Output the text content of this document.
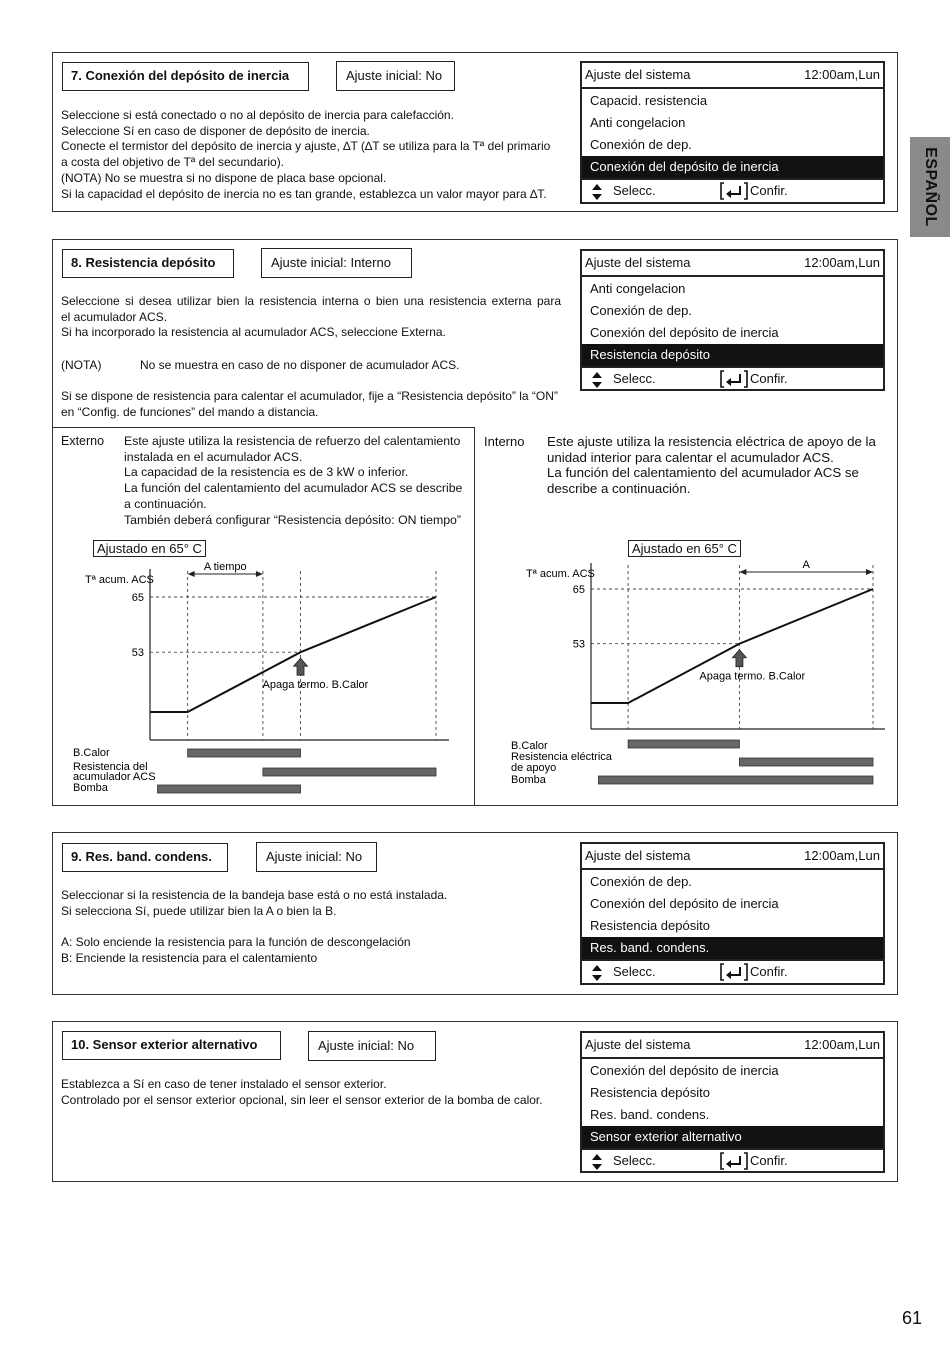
ESPAÑOL
7. Conexión del depósito de inercia	Ajuste inicial: No
Seleccione si está conectado o no al depósito de inercia para calefacción.
Seleccione Sí en caso de disponer de depósito de inercia.
Conecte el termistor del depósito de inercia y ajuste, ∆T (∆T se utiliza para la Tª del primario
a costa del objetivo de Tª del secundario).
(NOTA) No se muestra si no dispone de placa base opcional.
Si la capacidad el depósito de inercia no es tan grande, establezca un valor mayor para ∆T.
Ajuste del sistema	12:00am,Lun
Capacid. resistencia
Anti congelacion
Conexión de dep.
Conexión del depósito de inercia
Selecc.	Confir.
8. Resistencia depósito	Ajuste inicial: Interno
Seleccione si desea utilizar bien la resistencia interna o bien una resistencia externa para
el acumulador ACS.
Si ha incorporado la resistencia al acumulador ACS, seleccione Externa.
(NOTA)	No se muestra en caso de no disponer de acumulador ACS.
Si se dispone de resistencia para calentar el acumulador, fije a “Resistencia depósito” la “ON”
en “Config. de funciones” del mando a distancia.
Ajuste del sistema	12:00am,Lun
Anti congelacion
Conexión de dep.
Conexión del depósito de inercia
Resistencia depósito
Selecc.	Confir.
Externo Este ajuste utiliza la resistencia de refuerzo del calentamiento
instalada en el acumulador ACS.
La capacidad de la resistencia es de 3 kW o inferior.
La función del calentamiento del acumulador ACS se describe
a continuación.
También deberá configurar “Resistencia depósito: ON tiempo”
Interno Este ajuste utiliza la resistencia eléctrica de apoyo de la
unidad interior para calentar el acumulador ACS.
La función del calentamiento del acumulador ACS se
describe a continuación.
Ajustado en 65° C
Tª acum. ACS
65
53
A tiempo
Apaga termo. B.Calor
B.Calor
Resistencia del
acumulador ACS
Bomba
Ajustado en 65° C
Tª acum. ACS
65
53
A
Apaga termo. B.Calor
B.Calor
Resistencia eléctrica
de apoyo
Bomba
9. Res. band. condens.	Ajuste inicial: No
Seleccionar si la resistencia de la bandeja base está o no está instalada.
Si selecciona Sí, puede utilizar bien la A o bien la B.
A: Solo enciende la resistencia para la función de descongelación
B: Enciende la resistencia para el calentamiento
Ajuste del sistema	12:00am,Lun
Conexión de dep.
Conexión del depósito de inercia
Resistencia depósito
Res. band. condens.
Selecc.	Confir.
10. Sensor exterior alternativo	Ajuste inicial: No
Establezca a Sí en caso de tener instalado el sensor exterior.
Controlado por el sensor exterior opcional, sin leer el sensor exterior de la bomba de calor.
Ajuste del sistema	12:00am,Lun
Conexión del depósito de inercia
Resistencia depósito
Res. band. condens.
Sensor exterior alternativo
Selecc.	Confir.
61
